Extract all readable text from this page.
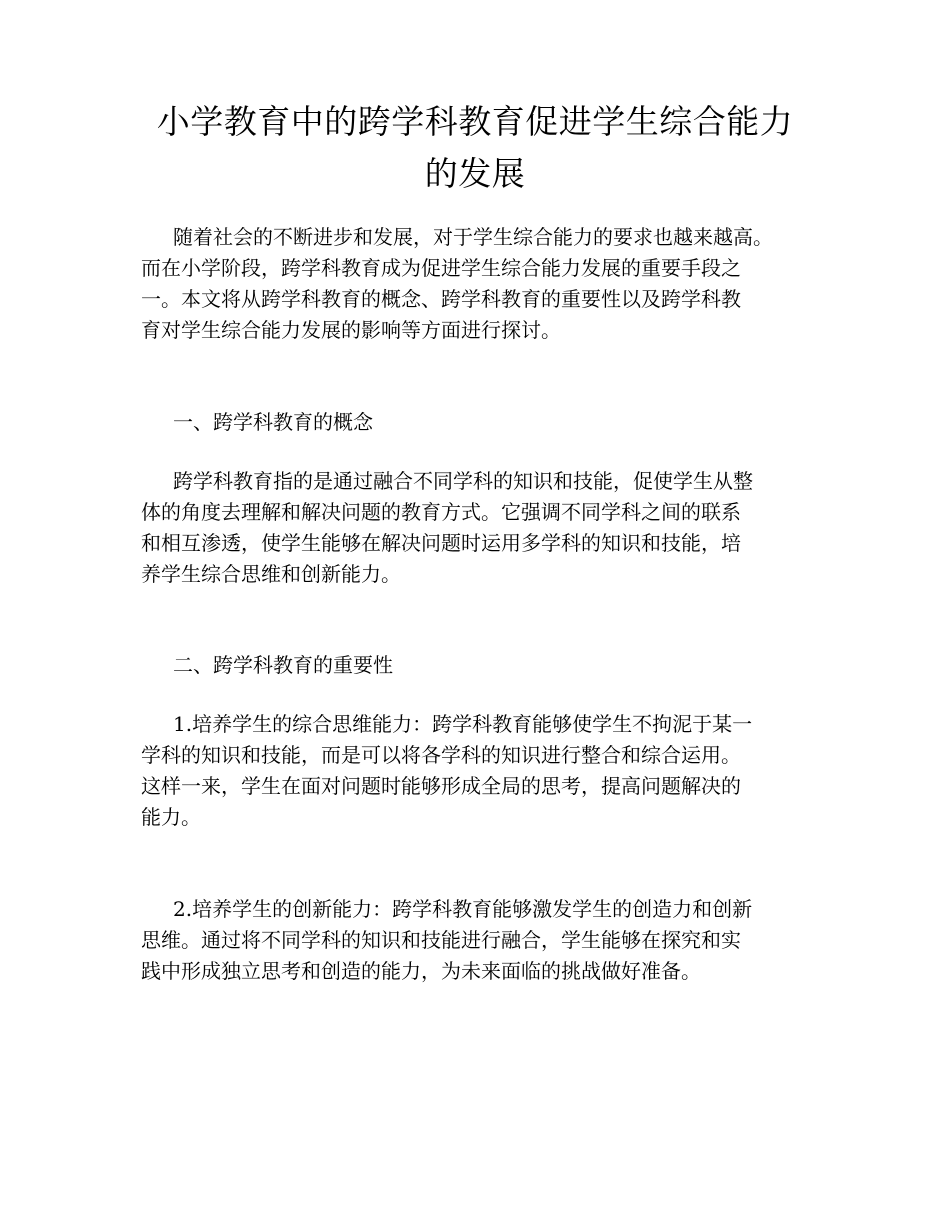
小学教育中的跨学科教育促进学生综合能力
的发展

随着社会的不断进步和发展，对于学生综合能力的要求也越来越高。
而在小学阶段，跨学科教育成为促进学生综合能力发展的重要手段之
一。本文将从跨学科教育的概念、跨学科教育的重要性以及跨学科教
育对学生综合能力发展的影响等方面进行探讨。

一、跨学科教育的概念

跨学科教育指的是通过融合不同学科的知识和技能，促使学生从整
体的角度去理解和解决问题的教育方式。它强调不同学科之间的联系
和相互渗透，使学生能够在解决问题时运用多学科的知识和技能，培
养学生综合思维和创新能力。

二、跨学科教育的重要性

1.培养学生的综合思维能力：跨学科教育能够使学生不拘泥于某一
学科的知识和技能，而是可以将各学科的知识进行整合和综合运用。
这样一来，学生在面对问题时能够形成全局的思考，提高问题解决的
能力。

2.培养学生的创新能力：跨学科教育能够激发学生的创造力和创新
思维。通过将不同学科的知识和技能进行融合，学生能够在探究和实
践中形成独立思考和创造的能力，为未来面临的挑战做好准备。
